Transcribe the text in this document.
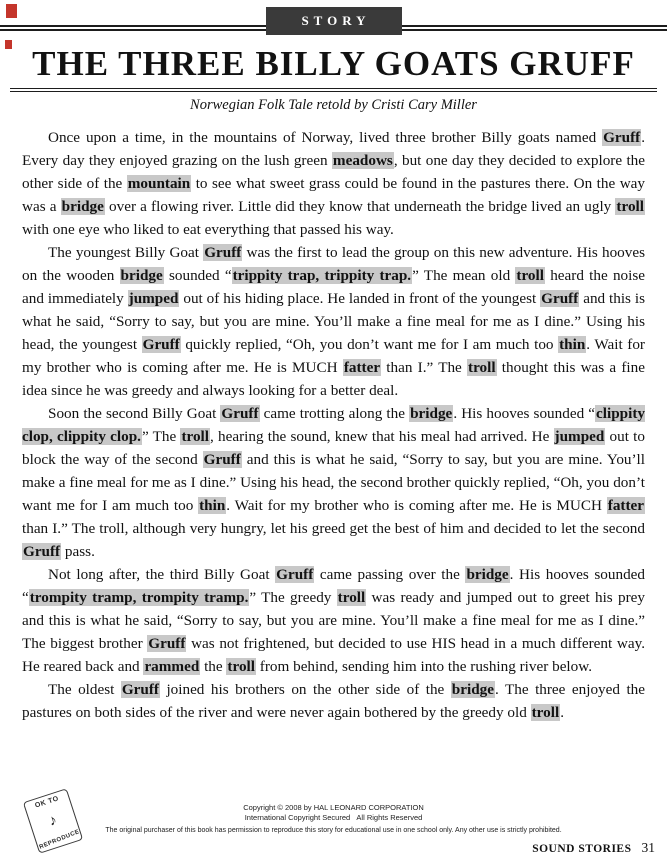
STORY
THE THREE BILLY GOATS GRUFF
Norwegian Folk Tale retold by Cristi Cary Miller

Once upon a time, in the mountains of Norway, lived three brother Billy goats named Gruff. Every day they enjoyed grazing on the lush green meadows, but one day they decided to explore the other side of the mountain to see what sweet grass could be found in the pastures there. On the way was a bridge over a flowing river. Little did they know that underneath the bridge lived an ugly troll with one eye who liked to eat everything that passed his way.

The youngest Billy Goat Gruff was the first to lead the group on this new adventure. His hooves on the wooden bridge sounded “trippity trap, trippity trap.” The mean old troll heard the noise and immediately jumped out of his hiding place. He landed in front of the youngest Gruff and this is what he said, “Sorry to say, but you are mine. You’ll make a fine meal for me as I dine.” Using his head, the youngest Gruff quickly replied, “Oh, you don’t want me for I am much too thin. Wait for my brother who is coming after me. He is MUCH fatter than I.” The troll thought this was a fine idea since he was greedy and always looking for a better deal.

Soon the second Billy Goat Gruff came trotting along the bridge. His hooves sounded “clippity clop, clippity clop.” The troll, hearing the sound, knew that his meal had arrived. He jumped out to block the way of the second Gruff and this is what he said, “Sorry to say, but you are mine. You’ll make a fine meal for me as I dine.” Using his head, the second brother quickly replied, “Oh, you don’t want me for I am much too thin. Wait for my brother who is coming after me. He is MUCH fatter than I.” The troll, although very hungry, let his greed get the best of him and decided to let the second Gruff pass.

Not long after, the third Billy Goat Gruff came passing over the bridge. His hooves sounded “trompity tramp, trompity tramp.” The greedy troll was ready and jumped out to greet his prey and this is what he said, “Sorry to say, but you are mine. You’ll make a fine meal for me as I dine.” The biggest brother Gruff was not frightened, but decided to use HIS head in a much different way. He reared back and rammed the troll from behind, sending him into the rushing river below.

The oldest Gruff joined his brothers on the other side of the bridge. The three enjoyed the pastures on both sides of the river and were never again bothered by the greedy old troll.

OK TO
♪
REPRODUCE
Copyright © 2008 by HAL LEONARD CORPORATION
International Copyright Secured   All Rights Reserved
The original purchaser of this book has permission to reproduce this story for educational use in one school only. Any other use is strictly prohibited.
SOUND STORIES 31
